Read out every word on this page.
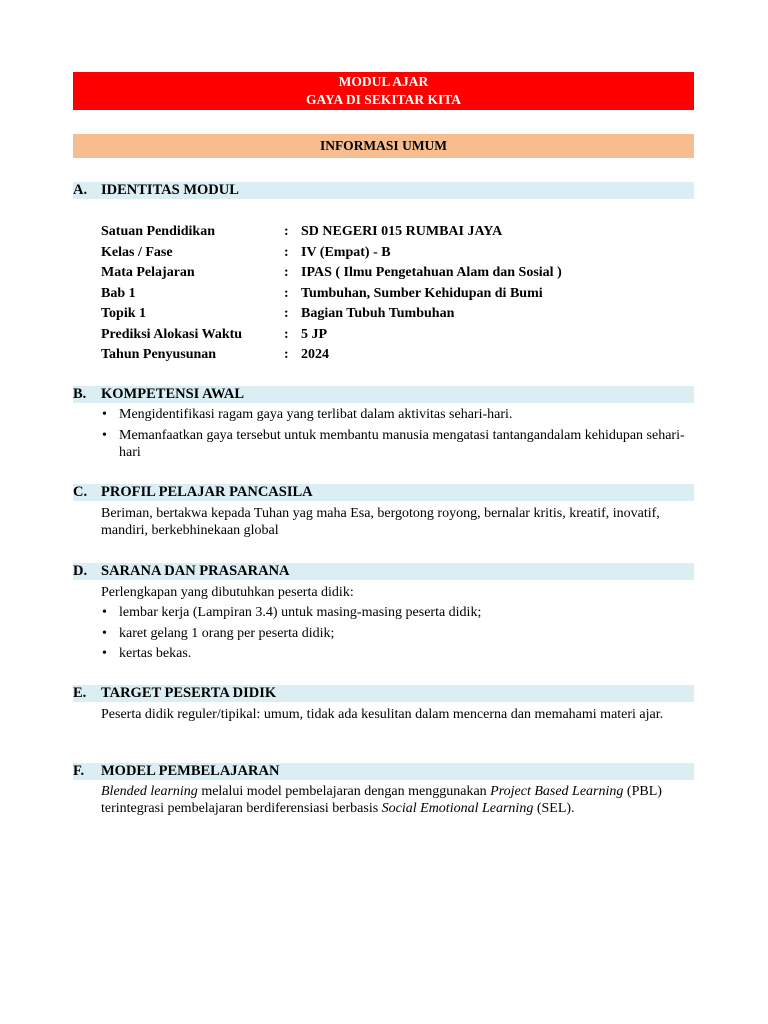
MODUL AJAR
GAYA DI SEKITAR KITA
INFORMASI UMUM
A. IDENTITAS MODUL
Satuan Pendidikan	: SD NEGERI 015 RUMBAI JAYA
Kelas / Fase	: IV (Empat) - B
Mata Pelajaran	: IPAS ( Ilmu Pengetahuan Alam dan Sosial )
Bab 1	: Tumbuhan, Sumber Kehidupan di Bumi
Topik 1	: Bagian Tubuh Tumbuhan
Prediksi Alokasi Waktu	: 5 JP
Tahun Penyusunan	: 2024
B. KOMPETENSI AWAL
• Mengidentifikasi ragam gaya yang terlibat dalam aktivitas sehari-hari.
• Memanfaatkan gaya tersebut untuk membantu manusia mengatasi tantangandalam kehidupan sehari-hari
C. PROFIL PELAJAR PANCASILA
Beriman, bertakwa kepada Tuhan yag maha Esa, bergotong royong, bernalar kritis, kreatif, inovatif, mandiri, berkebhinekaan global
D. SARANA DAN PRASARANA
Perlengkapan yang dibutuhkan peserta didik:
• lembar kerja (Lampiran 3.4) untuk masing-masing peserta didik;
• karet gelang 1 orang per peserta didik;
• kertas bekas.
E. TARGET PESERTA DIDIK
Peserta didik reguler/tipikal: umum, tidak ada kesulitan dalam mencerna dan memahami materi ajar.
F. MODEL PEMBELAJARAN
Blended learning melalui model pembelajaran dengan menggunakan Project Based Learning (PBL) terintegrasi pembelajaran berdiferensiasi berbasis Social Emotional Learning (SEL).
